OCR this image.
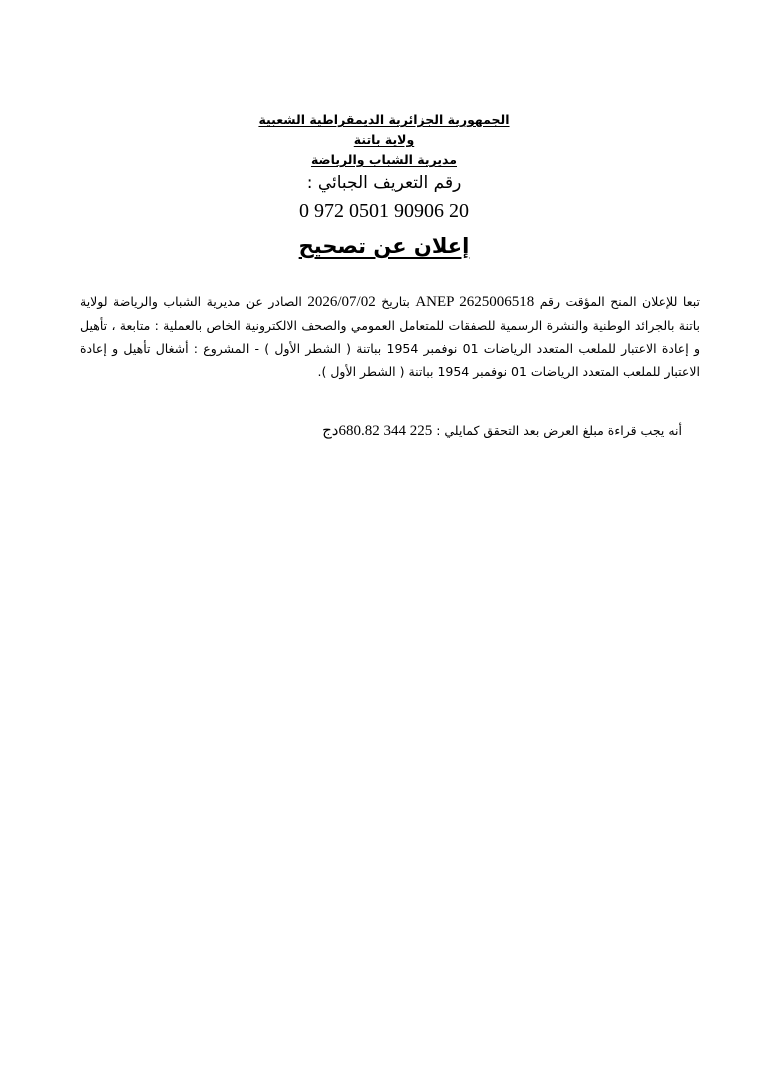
الجمهورية الجزائرية الديمقراطية الشعبية
ولاية باتنة
مديرية الشباب والرياضة
رقم التعريف الجبائي :
0 972 0501 90906 20
إعلان عن تصحيح
تبعا للإعلان المنح المؤقت رقم ANEP 2625006518 بتاريخ 2026/07/02 الصادر عن مديرية الشباب والرياضة لولاية باتنة بالجرائد الوطنية والنشرة الرسمية للصفقات للمتعامل العمومي والصحف الالكترونية الخاص بالعملية : متابعة ، تأهيل و إعادة الاعتبار للملعب المتعدد الرياضات 01 نوفمبر 1954 بباتنة ( الشطر الأول ) - المشروع : أشغال تأهيل و إعادة الاعتبار للملعب المتعدد الرياضات 01 نوفمبر 1954 بباتنة ( الشطر الأول ).
أنه يجب قراءة مبلغ العرض بعد التحقق كمايلي : 225 344 680.82دج
